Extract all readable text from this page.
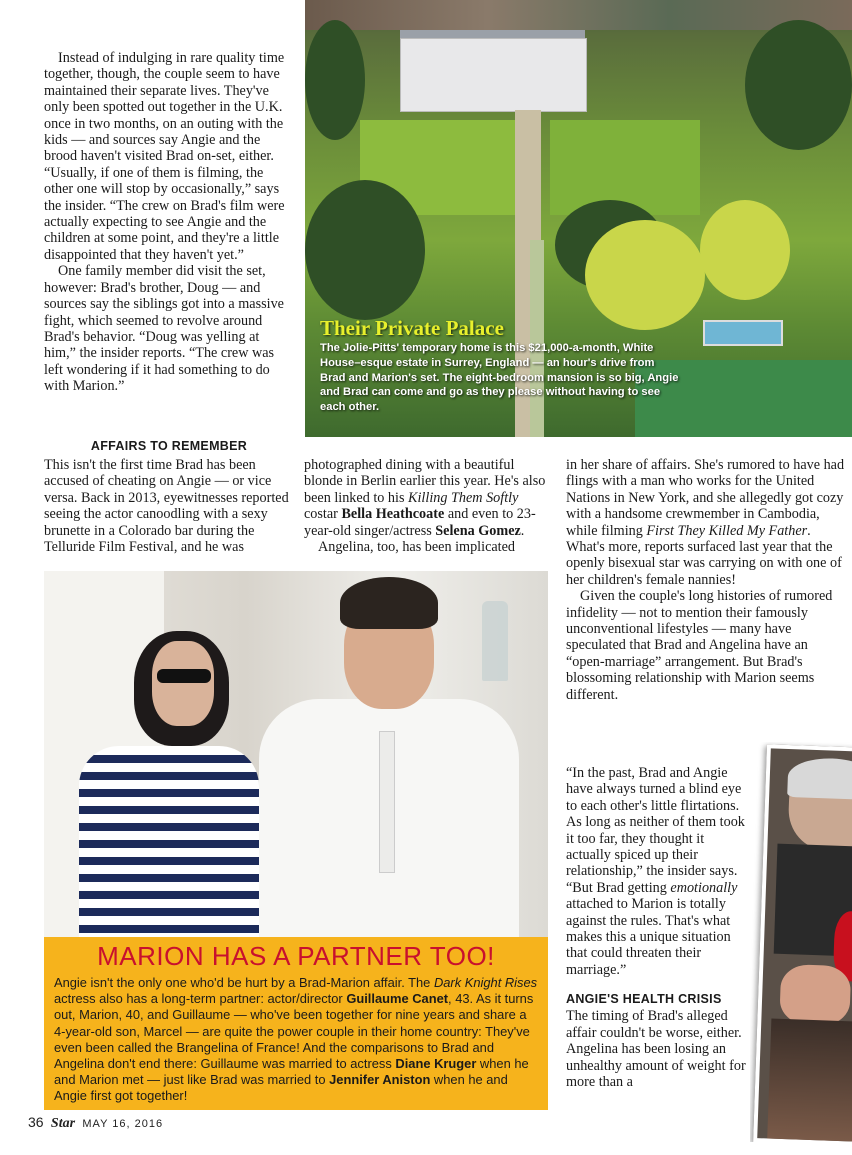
Instead of indulging in rare quality time together, though, the couple seem to have maintained their separate lives. They've only been spotted out together in the U.K. once in two months, on an outing with the kids — and sources say Angie and the brood haven't visited Brad on-set, either. “Usually, if one of them is filming, the other one will stop by occasionally,” says the insider. “The crew on Brad's film were actually expecting to see Angie and the children at some point, and they're a little disappointed that they haven't yet.”

One family member did visit the set, however: Brad's brother, Doug — and sources say the siblings got into a massive fight, which seemed to revolve around Brad's behavior. “Doug was yelling at him,” the insider reports. “The crew was left wondering if it had something to do with Marion.”

Their Private Palace

The Jolie-Pitts' temporary home is this $21,000-a-month, White House–esque estate in Surrey, England — an hour's drive from Brad and Marion's set. The eight-bedroom mansion is so big, Angie and Brad can come and go as they please without having to see each other.

AFFAIRS TO REMEMBER

This isn't the first time Brad has been accused of cheating on Angie — or vice versa. Back in 2013, eyewitnesses reported seeing the actor canoodling with a sexy brunette in a Colorado bar during the Telluride Film Festival, and he was

photographed dining with a beautiful blonde in Berlin earlier this year. He's also been linked to his Killing Them Softly costar Bella Heathcoate and even to 23-year-old singer/actress Selena Gomez.

Angelina, too, has been implicated

in her share of affairs. She's rumored to have had flings with a man who works for the United Nations in New York, and she allegedly got cozy with a handsome crewmember in Cambodia, while filming First They Killed My Father. What's more, reports surfaced last year that the openly bisexual star was carrying on with one of her children's female nannies!

Given the couple's long histories of rumored infidelity — not to mention their famously unconventional lifestyles — many have speculated that Brad and Angelina have an “open-marriage” arrangement. But Brad's blossoming relationship with Marion seems different.

“In the past, Brad and Angie have always turned a blind eye to each other's little flirtations. As long as neither of them took it too far, they thought it actually spiced up their relationship,” the insider says. “But Brad getting emotionally attached to Marion is totally against the rules. That's what makes this a unique situation that could threaten their marriage.”

ANGIE'S HEALTH CRISIS

The timing of Brad's alleged affair couldn't be worse, either. Angelina has been losing an unhealthy amount of weight for more than a

MARION HAS A PARTNER TOO!

Angie isn't the only one who'd be hurt by a Brad-Marion affair. The Dark Knight Rises actress also has a long-term partner: actor/director Guillaume Canet, 43. As it turns out, Marion, 40, and Guillaume — who've been together for nine years and share a 4-year-old son, Marcel — are quite the power couple in their home country: They've even been called the Brangelina of France! And the comparisons to Brad and Angelina don't end there: Guillaume was married to actress Diane Kruger when he and Marion met — just like Brad was married to Jennifer Aniston when he and Angie first got together!

36 Star MAY 16, 2016
